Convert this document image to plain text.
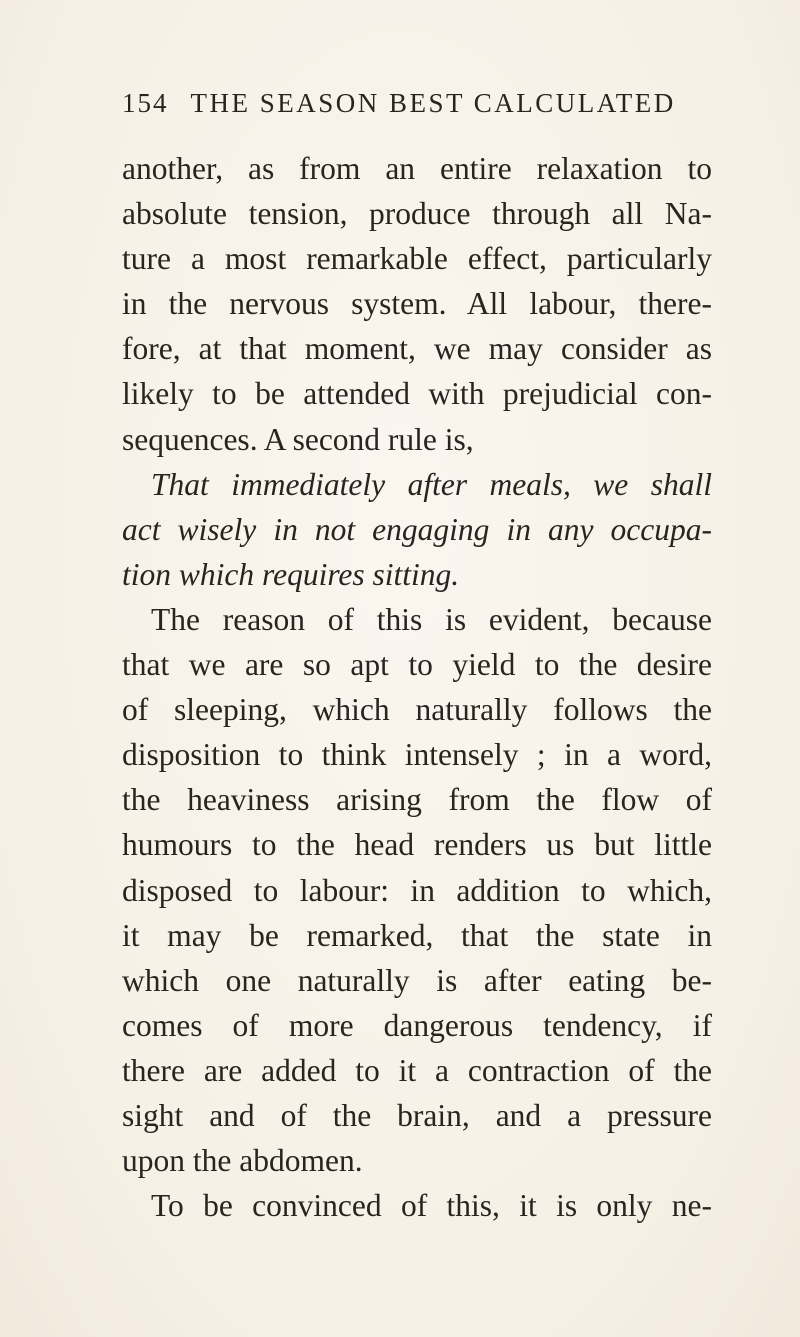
154 THE SEASON BEST CALCULATED
another, as from an entire relaxation to
absolute tension, produce through all Na-
ture a most remarkable effect, particularly
in the nervous system. All labour, there-
fore, at that moment, we may consider as
likely to be attended with prejudicial con-
sequences. A second rule is,
That immediately after meals, we shall
act wisely in not engaging in any occupa-
tion which requires sitting.
The reason of this is evident, because
that we are so apt to yield to the desire
of sleeping, which naturally follows the
disposition to think intensely ; in a word,
the heaviness arising from the flow of
humours to the head renders us but little
disposed to labour: in addition to which,
it may be remarked, that the state in
which one naturally is after eating be-
comes of more dangerous tendency, if
there are added to it a contraction of the
sight and of the brain, and a pressure
upon the abdomen.
To be convinced of this, it is only ne-
